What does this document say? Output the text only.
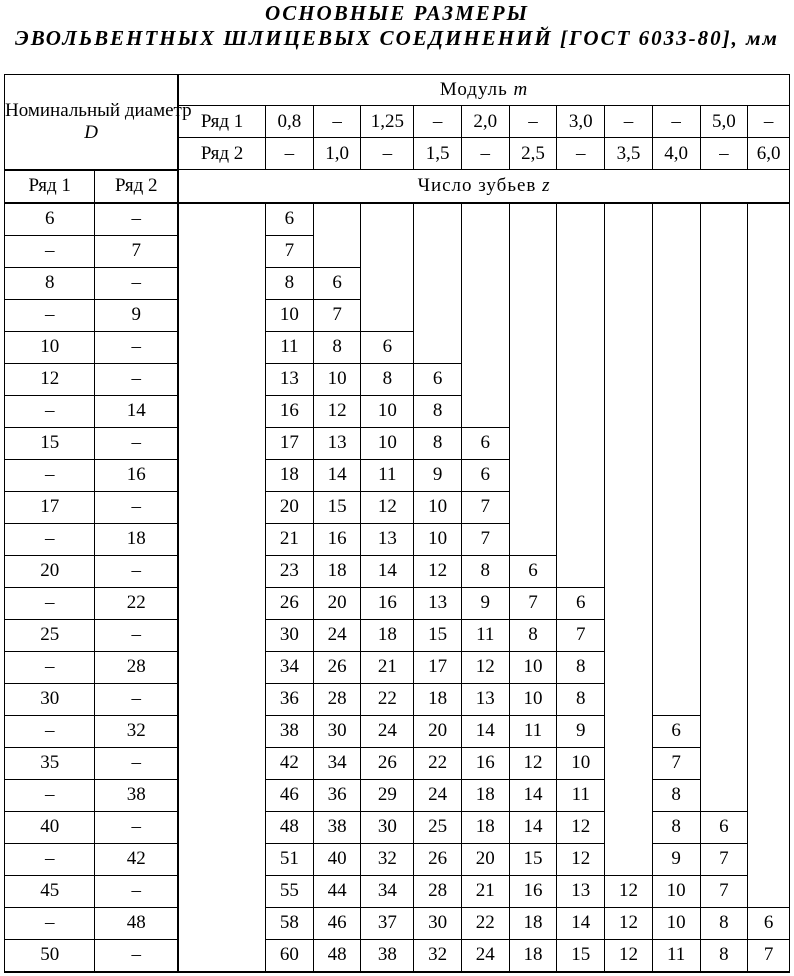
ОСНОВНЫЕ РАЗМЕРЫ
ЭВОЛЬВЕНТНЫХ ШЛИЦЕВЫХ СОЕДИНЕНИЙ [ГОСТ 6033-80], мм
Номинальный диаметр
D		Модуль m											
		Ряд 1	0,8	–	1,25	–	2,0	–	3,0	–	–	5,0	–
		Ряд 2	–	1,0	–	1,5	–	2,5	–	3,5	4,0	–	6,0
Ряд 1	Ряд 2	Число зубьев z											
6	–		6										
–	7		7										
8	–		8	6									
–	9		10	7									
10	–		11	8	6								
12	–		13	10	8	6							
–	14		16	12	10	8							
15	–		17	13	10	8	6						
–	16		18	14	11	9	6						
17	–		20	15	12	10	7						
–	18		21	16	13	10	7						
20	–		23	18	14	12	8	6					
–	22		26	20	16	13	9	7	6				
25	–		30	24	18	15	11	8	7				
–	28		34	26	21	17	12	10	8				
30	–		36	28	22	18	13	10	8				
–	32		38	30	24	20	14	11	9		6		
35	–		42	34	26	22	16	12	10		7		
–	38		46	36	29	24	18	14	11		8		
40	–		48	38	30	25	18	14	12		8	6	
–	42		51	40	32	26	20	15	12		9	7	
45	–		55	44	34	28	21	16	13	12	10	7	
–	48		58	46	37	30	22	18	14	12	10	8	6
50	–		60	48	38	32	24	18	15	12	11	8	7
